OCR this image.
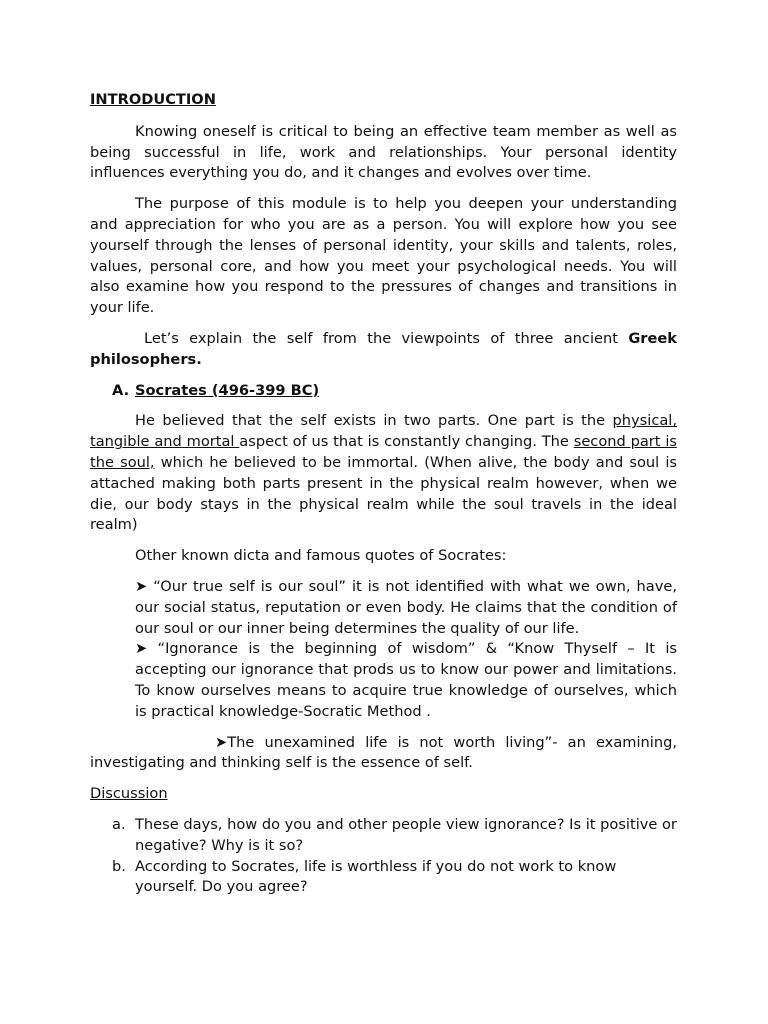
INTRODUCTION

Knowing oneself is critical to being an effective team member as well as being successful in life, work and relationships. Your personal identity influences everything you do, and it changes and evolves over time.

The purpose of this module is to help you deepen your understanding and appreciation for who you are as a person. You will explore how you see yourself through the lenses of personal identity, your skills and talents, roles, values, personal core, and how you meet your psychological needs. You will also examine how you respond to the pressures of changes and transitions in your life.

Let’s explain the self from the viewpoints of three ancient Greek philosophers.

A. Socrates (496-399 BC)

He believed that the self exists in two parts. One part is the physical, tangible and mortal aspect of us that is constantly changing. The second part is the soul, which he believed to be immortal. (When alive, the body and soul is attached making both parts present in the physical realm however, when we die, our body stays in the physical realm while the soul travels in the ideal realm)

Other known dicta and famous quotes of Socrates:

➤ “Our true self is our soul” it is not identified with what we own, have, our social status, reputation or even body. He claims that the condition of our soul or our inner being determines the quality of our life.

➤ “Ignorance is the beginning of wisdom” & “Know Thyself – It is accepting our ignorance that prods us to know our power and limitations. To know ourselves means to acquire true knowledge of ourselves, which is practical knowledge-Socratic Method .

➤The unexamined life is not worth living”- an examining, investigating and thinking self is the essence of self.

Discussion

a. These days, how do you and other people view ignorance? Is it positive or negative? Why is it so?
b. According to Socrates, life is worthless if you do not work to know yourself. Do you agree?
